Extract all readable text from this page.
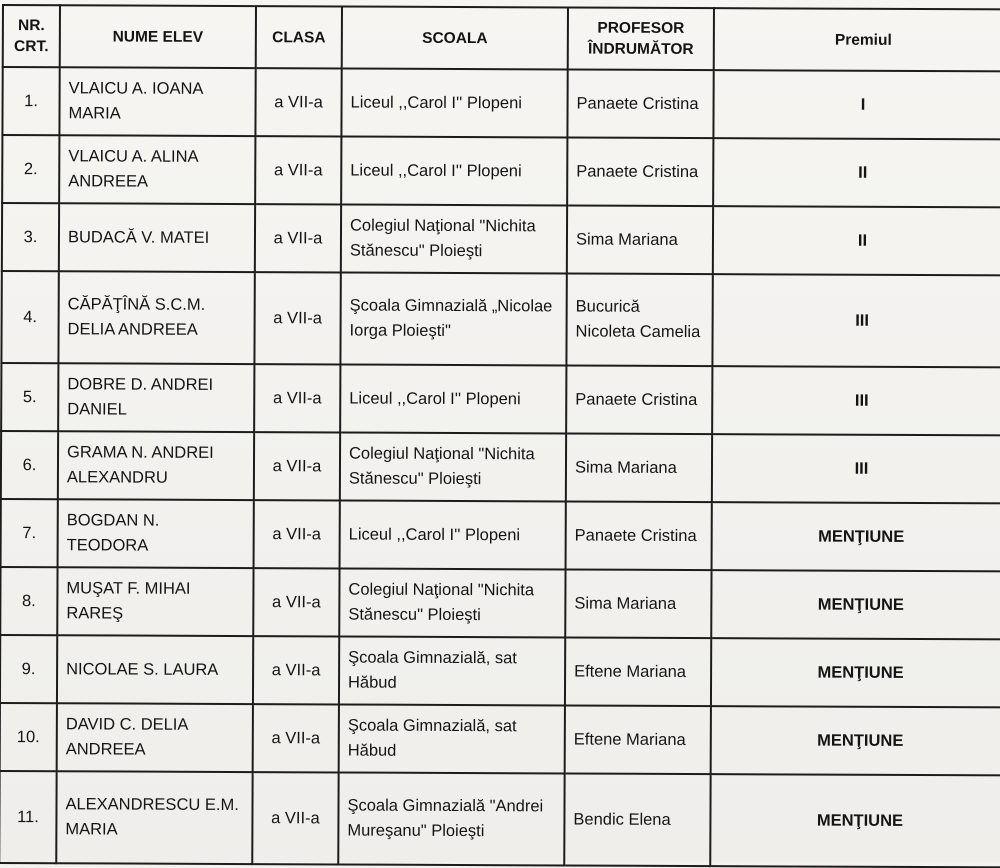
NR. CRT.	NUME ELEV	CLASA	SCOALA	PROFESOR ÎNDRUMĂTOR	Premiul
1.	VLAICU A. IOANA MARIA	a VII-a	Liceul ,,Carol I'' Plopeni	Panaete Cristina	I
2.	VLAICU A. ALINA ANDREEA	a VII-a	Liceul ,,Carol I'' Plopeni	Panaete Cristina	II
3.	BUDACĂ V. MATEI	a VII-a	Colegiul Naţional "Nichita Stănescu" Ploieşti	Sima Mariana	II
4.	CĂPĂŢÎNĂ S.C.M. DELIA ANDREEA	a VII-a	Şcoala Gimnazială „Nicolae Iorga Ploieşti"	Bucurică Nicoleta Camelia	III
5.	DOBRE D. ANDREI DANIEL	a VII-a	Liceul ,,Carol I'' Plopeni	Panaete Cristina	III
6.	GRAMA N. ANDREI ALEXANDRU	a VII-a	Colegiul Naţional "Nichita Stănescu" Ploieşti	Sima Mariana	III
7.	BOGDAN N. TEODORA	a VII-a	Liceul ,,Carol I'' Plopeni	Panaete Cristina	MENŢIUNE
8.	MUŞAT F. MIHAI RAREŞ	a VII-a	Colegiul Naţional "Nichita Stănescu" Ploieşti	Sima Mariana	MENŢIUNE
9.	NICOLAE S. LAURA	a VII-a	Şcoala Gimnazială, sat Hăbud	Eftene Mariana	MENŢIUNE
10.	DAVID C. DELIA ANDREEA	a VII-a	Şcoala Gimnazială, sat Hăbud	Eftene Mariana	MENŢIUNE
11.	ALEXANDRESCU E.M. MARIA	a VII-a	Şcoala Gimnazială "Andrei Mureşanu" Ploieşti	Bendic Elena	MENŢIUNE
